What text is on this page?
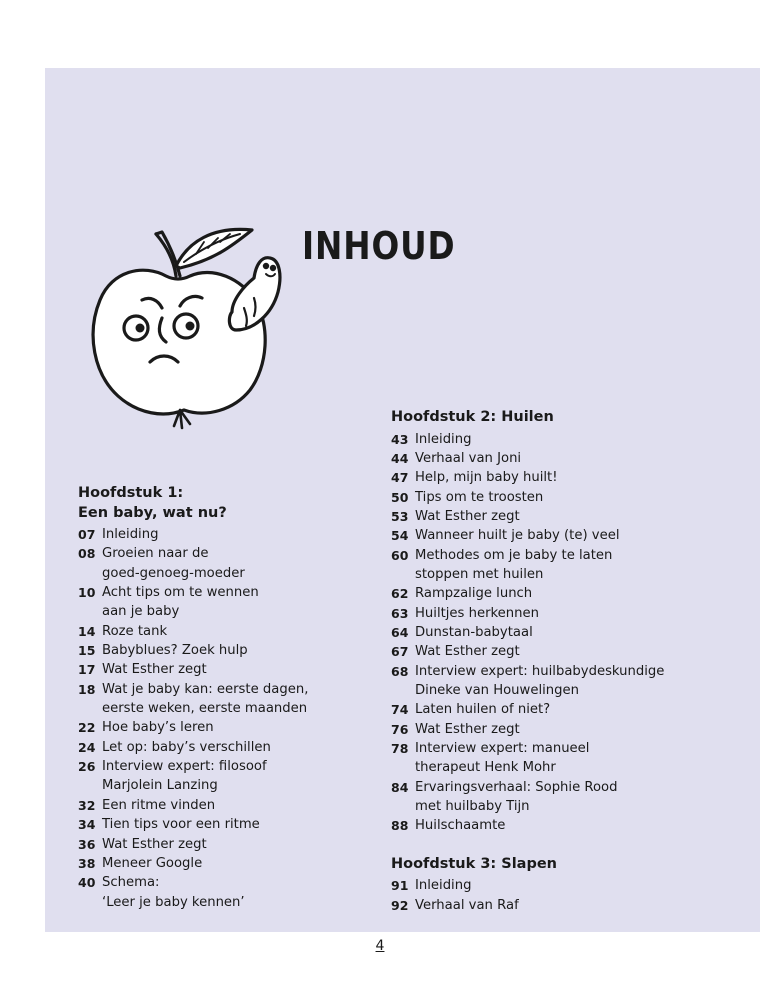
INHOUD
Hoofdstuk 1:
Een baby, wat nu?
07 Inleiding
08 Groeien naar de
goed-genoeg-moeder
10 Acht tips om te wennen
aan je baby
14 Roze tank
15 Babyblues? Zoek hulp
17 Wat Esther zegt
18 Wat je baby kan: eerste dagen,
eerste weken, eerste maanden
22 Hoe baby’s leren
24 Let op: baby’s verschillen
26 Interview expert: filosoof
Marjolein Lanzing
32 Een ritme vinden
34 Tien tips voor een ritme
36 Wat Esther zegt
38 Meneer Google
40 Schema:
‘Leer je baby kennen’
Hoofdstuk 2: Huilen
43 Inleiding
44 Verhaal van Joni
47 Help, mijn baby huilt!
50 Tips om te troosten
53 Wat Esther zegt
54 Wanneer huilt je baby (te) veel
60 Methodes om je baby te laten
stoppen met huilen
62 Rampzalige lunch
63 Huiltjes herkennen
64 Dunstan-babytaal
67 Wat Esther zegt
68 Interview expert: huilbabydeskundige
Dineke van Houwelingen
74 Laten huilen of niet?
76 Wat Esther zegt
78 Interview expert: manueel
therapeut Henk Mohr
84 Ervaringsverhaal: Sophie Rood
met huilbaby Tijn
88 Huilschaamte
Hoofdstuk 3: Slapen
91 Inleiding
92 Verhaal van Raf
4
